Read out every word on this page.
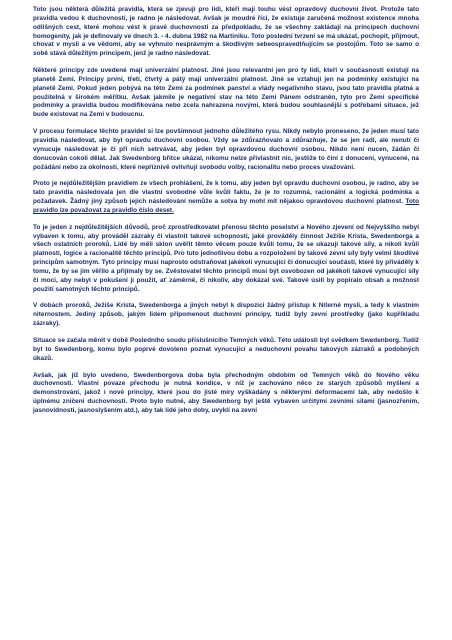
Toto jsou některá důležitá pravidla, která se zjevují pro lidi, kteří mají touhu vést opravdový duchovní život. Protože tato pravidla vedou k duchovnosti, je radno je následovat. Avšak je moudré říci, že existuje zaručená možnost existence mnoha odlišných cest, které mohou vést k pravé duchovnosti za předpokladu, že se všechny zakládají na principech duchovní homogenity, jak je definovaly ve dnech 3. - 4. dubna 1982 na Martiniku. Toto poslední tvrzení se má ukázat, pochopit, přijmout, chovat v mysli a ve vědomí, aby se vyhnulo nesprávným a škodlivým sebeospravedlňujícím se postojům. Toto se samo o sobě stává důležitým principem, jenž je radno následovat.

Některé principy zde uvedené mají univerzální platnost. Jiné jsou relevantní jen pro ty lidi, kteří v současnosti existují na planetě Zemi. Principy první, třetí, čtvrtý a pátý mají univerzální platnost. Jiné se vztahují jen na podmínky existující na planetě Zemi. Pokud jeden pobývá na této Zemi za podmínek panství a vlády negativního stavu, jsou tato pravidla platná a použitelná v širokém měřítku. Avšak jakmile je negativní stav na této Zemi Pánem odstraněn, tyto pro Zemi specifické podmínky a pravidla budou modifikována nebo zcela nahrazena novými, která budou souhlasnější s potřebami situace, jež bude existovat na Zemi v budoucnu.

V procesu formulace těchto pravidel si lze povšimnout jednoho důležitého rysu. Nikdy nebylo proneseno, že jeden musí tato pravidla následovat, aby byl opravdu duchovní osobou. Vždy se zdůrazňovalo a zdůrazňuje, že se jen radí, ale nenutí či vynucuje následovat je či při nich setrvávat, aby jeden byl opravdovou duchovní osobou. Nikdo není nucen, žádán či donucován cokoli dělat. Jak Swedenborg břitce ukázal, nikomu nelze přivlastnit nic, jestliže to činí z donucení, vynucené, na požádání nebo za okolností, které nepříznivě ovlivňují svobodu volby, racionalitu nebo proces uvažování.

Proto je nejdůležitějším pravidlem ze všech prohlášení, že k tomu, aby jeden byl opravdu duchovní osobou, je radno, aby se tato pravidla následovala jen dle vlastní svobodné vůle kvůli faktu, že je to rozumná, racionální a logická podmínka a požadavek. Žádný jiný způsob jejich následování nemůže a sotva by mohl mít nějakou opravdovou duchovní platnost. Toto pravidlo lze považovat za pravidlo číslo deset.

To je jeden z nejdůležitějších důvodů, proč zprostředkovatel přenosu těchto poselství a Nového zjevení od Nejvyššího nebyl vybaven k tomu, aby prováděl zázraky či vlastnit takové schopnosti, jaké prováděly činnost Ježíše Krista, Swedenborga a všech ostatních proroků. Lidé by měli sklon uvěřit těmto věcem pouze kvůli tomu, že se ukazují takové síly, a nikoli kvůli platnosti, logice a racionalitě těchto principů. Pro tuto jednotlivou dobu a rozpoložení by takové zevní síly byly velmi škodlivé principům samotným. Tyto principy musí naprosto odstraňovat jakékoli vynucující či donucující součásti, které by přiváděly k tomu, že by se jim věřilo a přijímaly by se. Zvěstovatel těchto principů musí být osvobozen od jakékoli takové vynucující síly či moci, aby nebyl v pokušení ji použít, ať záměrně, či nikoliv, aby dokázal své. Takové úsilí by popíralo obsah a možnost použití samotných těchto principů.

V dobách proroků, Ježíše Krista, Swedenborga a jiných nebyl k dispozici žádný přístup k Niterné mysli, a tedy k vlastním niternostem. Jediný způsob, jakým lidem připomenout duchovní principy, tudíž byly zevní prostředky (jako kupříkladu zázraky).

Situace se začala měnit v době Posledního soudu příslušnícího Temných věků. Této události byl svědkem Swedenborg. Tudíž byl to Swedenborg, komu bylo poprvé dovoleno poznat vynucující a neduchovní povahu takových zázraků a podobných úkazů.

Avšak, jak již bylo uvedeno, Swedenborgova doba byla přechodným obdobím od Temných věků do Nového věku duchovnosti. Vlastní povaze přechodu je nutná kondice, v níž je zachováno něco ze starých způsobů myšlení a demonstrování, jakož i nové principy, které jsou do jisté míry vyškádány s některými deformacemi tak, aby nedošlo k úplnému zničení duchovnosti. Proto bylo nutné, aby Swedenborg byl ještě vybaven určitými zevními silami (jasnozřením, jasnovidností, jasnoslyšením atd.), aby tak lidé jeho doby, uvyklí na zevní
